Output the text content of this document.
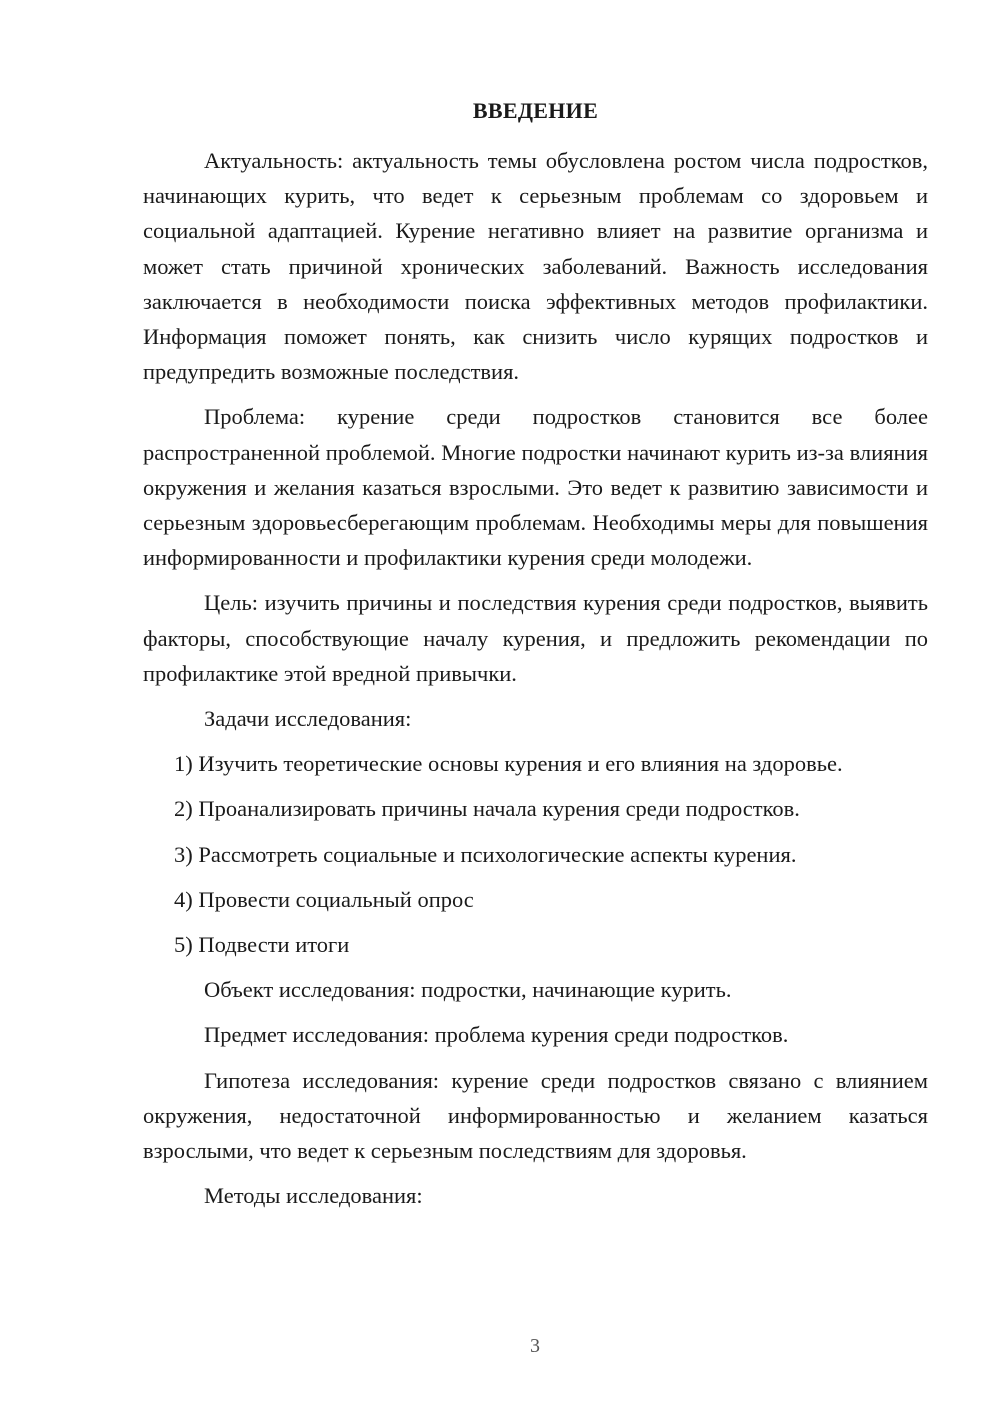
ВВЕДЕНИЕ

Актуальность: актуальность темы обусловлена ростом числа подростков, начинающих курить, что ведет к серьезным проблемам со здоровьем и социальной адаптацией. Курение негативно влияет на развитие организма и может стать причиной хронических заболеваний. Важность исследования заключается в необходимости поиска эффективных методов профилактики. Информация поможет понять, как снизить число курящих подростков и предупредить возможные последствия.

Проблема: курение среди подростков становится все более распространенной проблемой. Многие подростки начинают курить из-за влияния окружения и желания казаться взрослыми. Это ведет к развитию зависимости и серьезным здоровьесберегающим проблемам. Необходимы меры для повышения информированности и профилактики курения среди молодежи.

Цель: изучить причины и последствия курения среди подростков, выявить факторы, способствующие началу курения, и предложить рекомендации по профилактике этой вредной привычки.

Задачи исследования:

1) Изучить теоретические основы курения и его влияния на здоровье.

2) Проанализировать причины начала курения среди подростков.

3) Рассмотреть социальные и психологические аспекты курения.

4) Провести социальный опрос

5) Подвести итоги

Объект исследования: подростки, начинающие курить.

Предмет исследования: проблема курения среди подростков.

Гипотеза исследования: курение среди подростков связано с влиянием окружения, недостаточной информированностью и желанием казаться взрослыми, что ведет к серьезным последствиям для здоровья.

Методы исследования:

3
